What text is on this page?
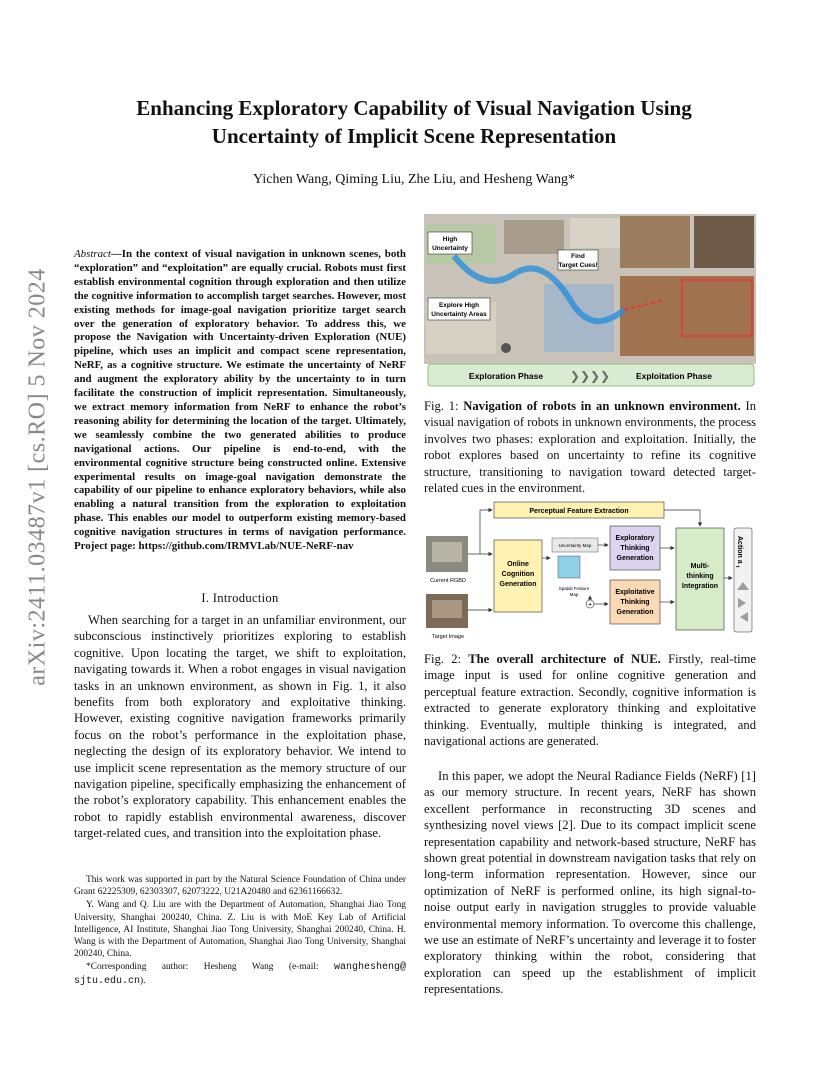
arXiv:2411.03487v1 [cs.RO] 5 Nov 2024
Enhancing Exploratory Capability of Visual Navigation Using
Uncertainty of Implicit Scene Representation
Yichen Wang, Qiming Liu, Zhe Liu, and Hesheng Wang*
Abstract—In the context of visual navigation in unknown scenes, both “exploration” and “exploitation” are equally crucial. Robots must first establish environmental cognition through exploration and then utilize the cognitive information to accomplish target searches. However, most existing methods for image-goal navigation prioritize target search over the generation of exploratory behavior. To address this, we propose the Navigation with Uncertainty-driven Exploration (NUE) pipeline, which uses an implicit and compact scene representation, NeRF, as a cognitive structure. We estimate the uncertainty of NeRF and augment the exploratory ability by the uncertainty to in turn facilitate the construction of implicit representation. Simultaneously, we extract memory information from NeRF to enhance the robot’s reasoning ability for determining the location of the target. Ultimately, we seamlessly combine the two generated abilities to produce navigational actions. Our pipeline is end-to-end, with the environmental cognitive structure being constructed online. Extensive experimental results on image-goal navigation demonstrate the capability of our pipeline to enhance exploratory behaviors, while also enabling a natural transition from the exploration to exploitation phase. This enables our model to outperform existing memory-based cognitive navigation structures in terms of navigation performance. Project page: https://github.com/IRMVLab/NUE-NeRF-nav
I. Introduction

When searching for a target in an unfamiliar environment, our subconscious instinctively prioritizes exploring to establish cognitive. Upon locating the target, we shift to exploitation, navigating towards it. When a robot engages in visual navigation tasks in an unknown environment, as shown in Fig. 1, it also benefits from both exploratory and exploitative thinking. However, existing cognitive navigation frameworks primarily focus on the robot’s performance in the exploitation phase, neglecting the design of its exploratory behavior. We intend to use implicit scene representation as the memory structure of our navigation pipeline, specifically emphasizing the enhancement of the robot’s exploratory capability. This enhancement enables the robot to rapidly establish environmental awareness, discover target-related cues, and transition into the exploitation phase.

This work was supported in part by the Natural Science Foundation of China under Grant 62225309, 62303307, 62073222, U21A20480 and 62361166632.

Y. Wang and Q. Liu are with the Department of Automation, Shanghai Jiao Tong University, Shanghai 200240, China. Z. Liu is with MoE Key Lab of Artificial Intelligence, AI Institute, Shanghai Jiao Tong University, Shanghai 200240, China. H. Wang is with the Department of Automation, Shanghai Jiao Tong University, Shanghai 200240, China.

*Corresponding author: Hesheng Wang (e-mail: wanghesheng@ sjtu.edu.cn).

High
Uncertainty
Find
Target Cues!
Explore High
Uncertainty Areas
Exploration Phase ❯❯❯❯	Exploitation Phase
Fig. 1: Navigation of robots in an unknown environment. In visual navigation of robots in unknown environments, the process involves two phases: exploration and exploitation. Initially, the robot explores based on uncertainty to refine its cognitive structure, transitioning to navigation toward detected target-related cues in the environment.
Perceptual Feature Extraction
Current RGBD
Target Image
Online
Cognition
Generation
Uncertainty Map
Spatial Feature
Map
+
Exploratory
Thinking
Generation
Exploitative
Thinking
Generation
Multi-
thinking
Integration
Action a $_t$
Fig. 2: The overall architecture of NUE. Firstly, real-time image input is used for online cognitive generation and perceptual feature extraction. Secondly, cognitive information is extracted to generate exploratory thinking and exploitative thinking. Eventually, multiple thinking is integrated, and navigational actions are generated.

In this paper, we adopt the Neural Radiance Fields (NeRF) [1] as our memory structure. In recent years, NeRF has shown excellent performance in reconstructing 3D scenes and synthesizing novel views [2]. Due to its compact implicit scene representation capability and network-based structure, NeRF has shown great potential in downstream navigation tasks that rely on long-term information representation. However, since our optimization of NeRF is performed online, its high signal-to-noise output early in navigation struggles to provide valuable environmental memory information. To overcome this challenge, we use an estimate of NeRF’s uncertainty and leverage it to foster exploratory thinking within the robot, considering that exploration can speed up the establishment of implicit representations.
